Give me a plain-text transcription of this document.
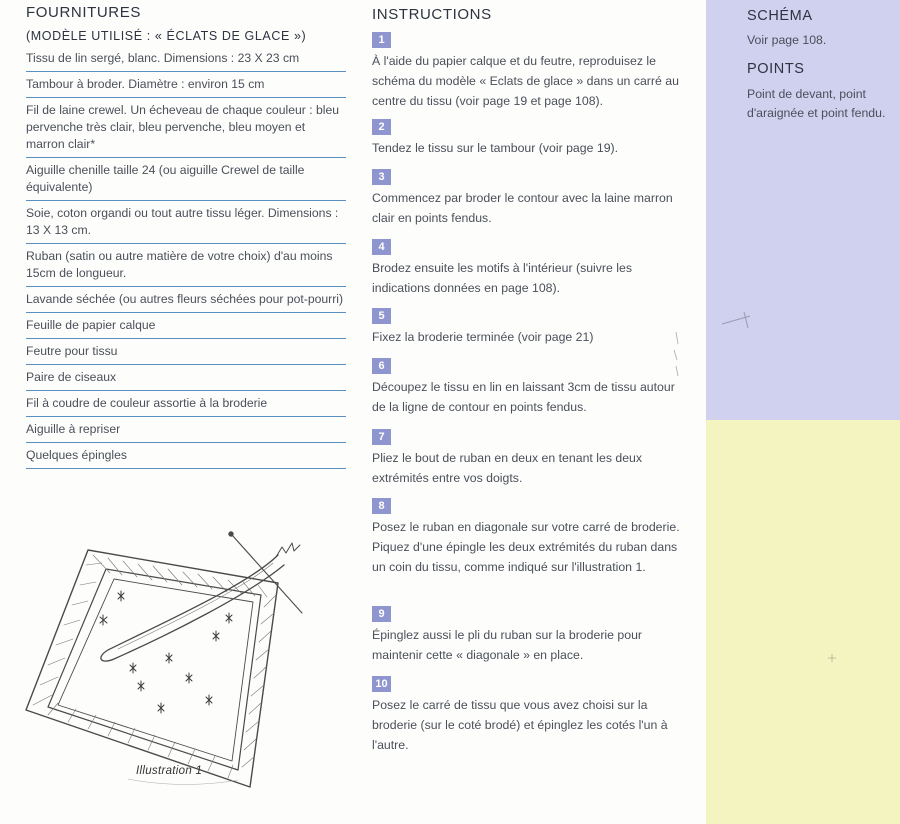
FOURNITURES
(MODÈLE UTILISÉ : « ÉCLATS DE GLACE »)
Tissu de lin sergé, blanc. Dimensions : 23 X 23 cm
Tambour à broder. Diamètre : environ 15 cm
Fil de laine crewel. Un écheveau de chaque couleur : bleu pervenche très clair, bleu pervenche, bleu moyen et marron clair*
Aiguille chenille taille 24 (ou aiguille Crewel de taille équivalente)
Soie, coton organdi ou tout autre tissu léger. Dimensions : 13 X 13 cm.
Ruban (satin ou autre matière de votre choix) d'au moins 15cm de longueur.
Lavande séchée (ou autres fleurs séchées pour pot-pourri)
Feuille de papier calque
Feutre pour tissu
Paire de ciseaux
Fil à coudre de couleur assortie à la broderie
Aiguille à repriser
Quelques épingles
Illustration 1
INSTRUCTIONS
1
À l'aide du papier calque et du feutre, reproduisez le schéma du modèle « Eclats de glace » dans un carré au centre du tissu (voir page 19 et page 108).
2
Tendez le tissu sur le tambour (voir page 19).
3
Commencez par broder le contour avec la laine marron clair en points fendus.
4
Brodez ensuite les motifs à l'intérieur (suivre les indications données en page 108).
5
Fixez la broderie terminée (voir page 21)
6
Découpez le tissu en lin en laissant 3cm de tissu autour de la ligne de contour en points fendus.
7
Pliez le bout de ruban en deux en tenant les deux extrémités entre vos doigts.
8
Posez le ruban en diagonale sur votre carré de broderie. Piquez d'une épingle les deux extrémités du ruban dans un coin du tissu, comme indiqué sur l'illustration 1.
9
Épinglez aussi le pli du ruban sur la broderie pour maintenir cette « diagonale » en place.
10
Posez le carré de tissu que vous avez choisi sur la broderie (sur le coté brodé) et épinglez les cotés l'un à l'autre.
SCHÉMA
Voir page 108.
POINTS
Point de devant, point d'araignée et point fendu.
